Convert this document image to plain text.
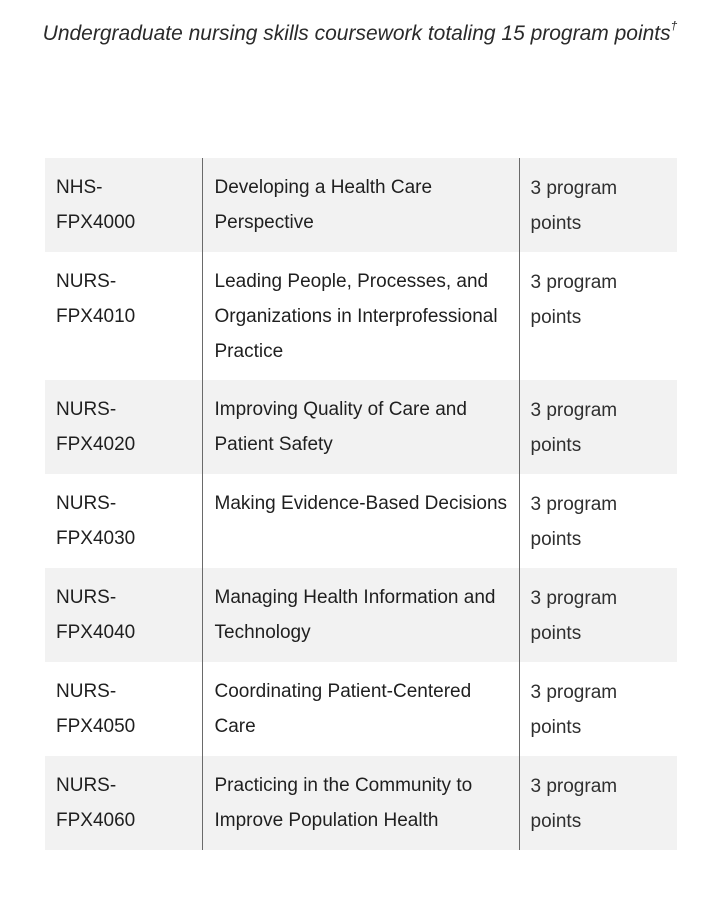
Undergraduate nursing skills coursework totaling 15 program points†
NHS-
FPX4000	Developing a Health Care Perspective	3 program
points

NURS-
FPX4010	Leading People, Processes, and Organizations in Interprofessional Practice	3 program
points

NURS-
FPX4020	Improving Quality of Care and Patient Safety	3 program
points

NURS-
FPX4030	Making Evidence-Based Decisions	3 program
points

NURS-
FPX4040	Managing Health Information and Technology	3 program
points

NURS-
FPX4050	Coordinating Patient-Centered Care	3 program
points

NURS-
FPX4060	Practicing in the Community to Improve Population Health	3 program
points
